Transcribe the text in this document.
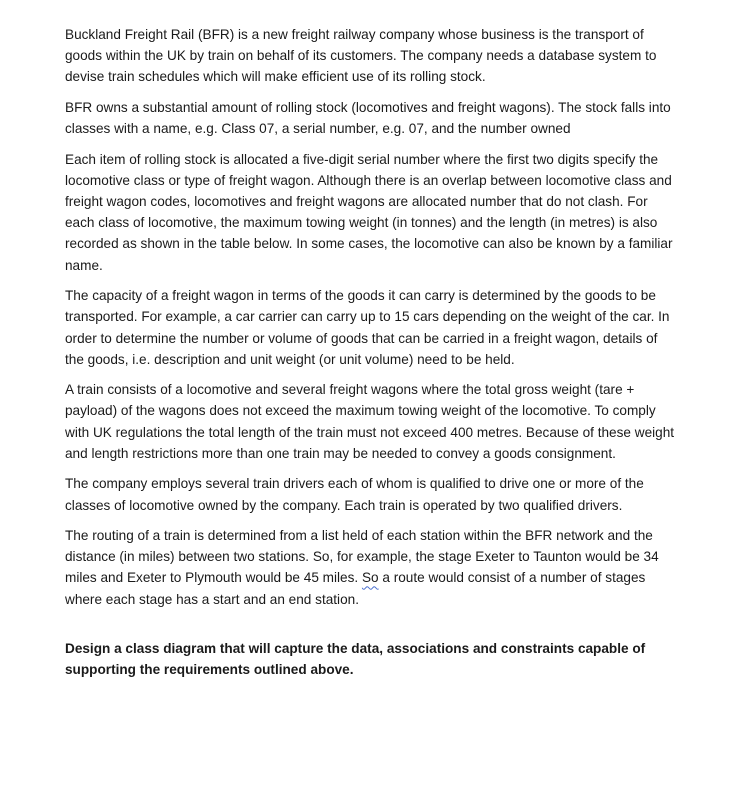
Buckland Freight Rail (BFR) is a new freight railway company whose business is the transport of goods within the UK by train on behalf of its customers. The company needs a database system to devise train schedules which will make efficient use of its rolling stock.

BFR owns a substantial amount of rolling stock (locomotives and freight wagons). The stock falls into classes with a name, e.g. Class 07, a serial number, e.g. 07, and the number owned

Each item of rolling stock is allocated a five-digit serial number where the first two digits specify the locomotive class or type of freight wagon. Although there is an overlap between locomotive class and freight wagon codes, locomotives and freight wagons are allocated number that do not clash. For each class of locomotive, the maximum towing weight (in tonnes) and the length (in metres) is also recorded as shown in the table below. In some cases, the locomotive can also be known by a familiar name.

The capacity of a freight wagon in terms of the goods it can carry is determined by the goods to be transported. For example, a car carrier can carry up to 15 cars depending on the weight of the car. In order to determine the number or volume of goods that can be carried in a freight wagon, details of the goods, i.e. description and unit weight (or unit volume) need to be held.

A train consists of a locomotive and several freight wagons where the total gross weight (tare + payload) of the wagons does not exceed the maximum towing weight of the locomotive. To comply with UK regulations the total length of the train must not exceed 400 metres. Because of these weight and length restrictions more than one train may be needed to convey a goods consignment.

The company employs several train drivers each of whom is qualified to drive one or more of the classes of locomotive owned by the company. Each train is operated by two qualified drivers.

The routing of a train is determined from a list held of each station within the BFR network and the distance (in miles) between two stations. So, for example, the stage Exeter to Taunton would be 34 miles and Exeter to Plymouth would be 45 miles. So a route would consist of a number of stages where each stage has a start and an end station.

Design a class diagram that will capture the data, associations and constraints capable of supporting the requirements outlined above.
